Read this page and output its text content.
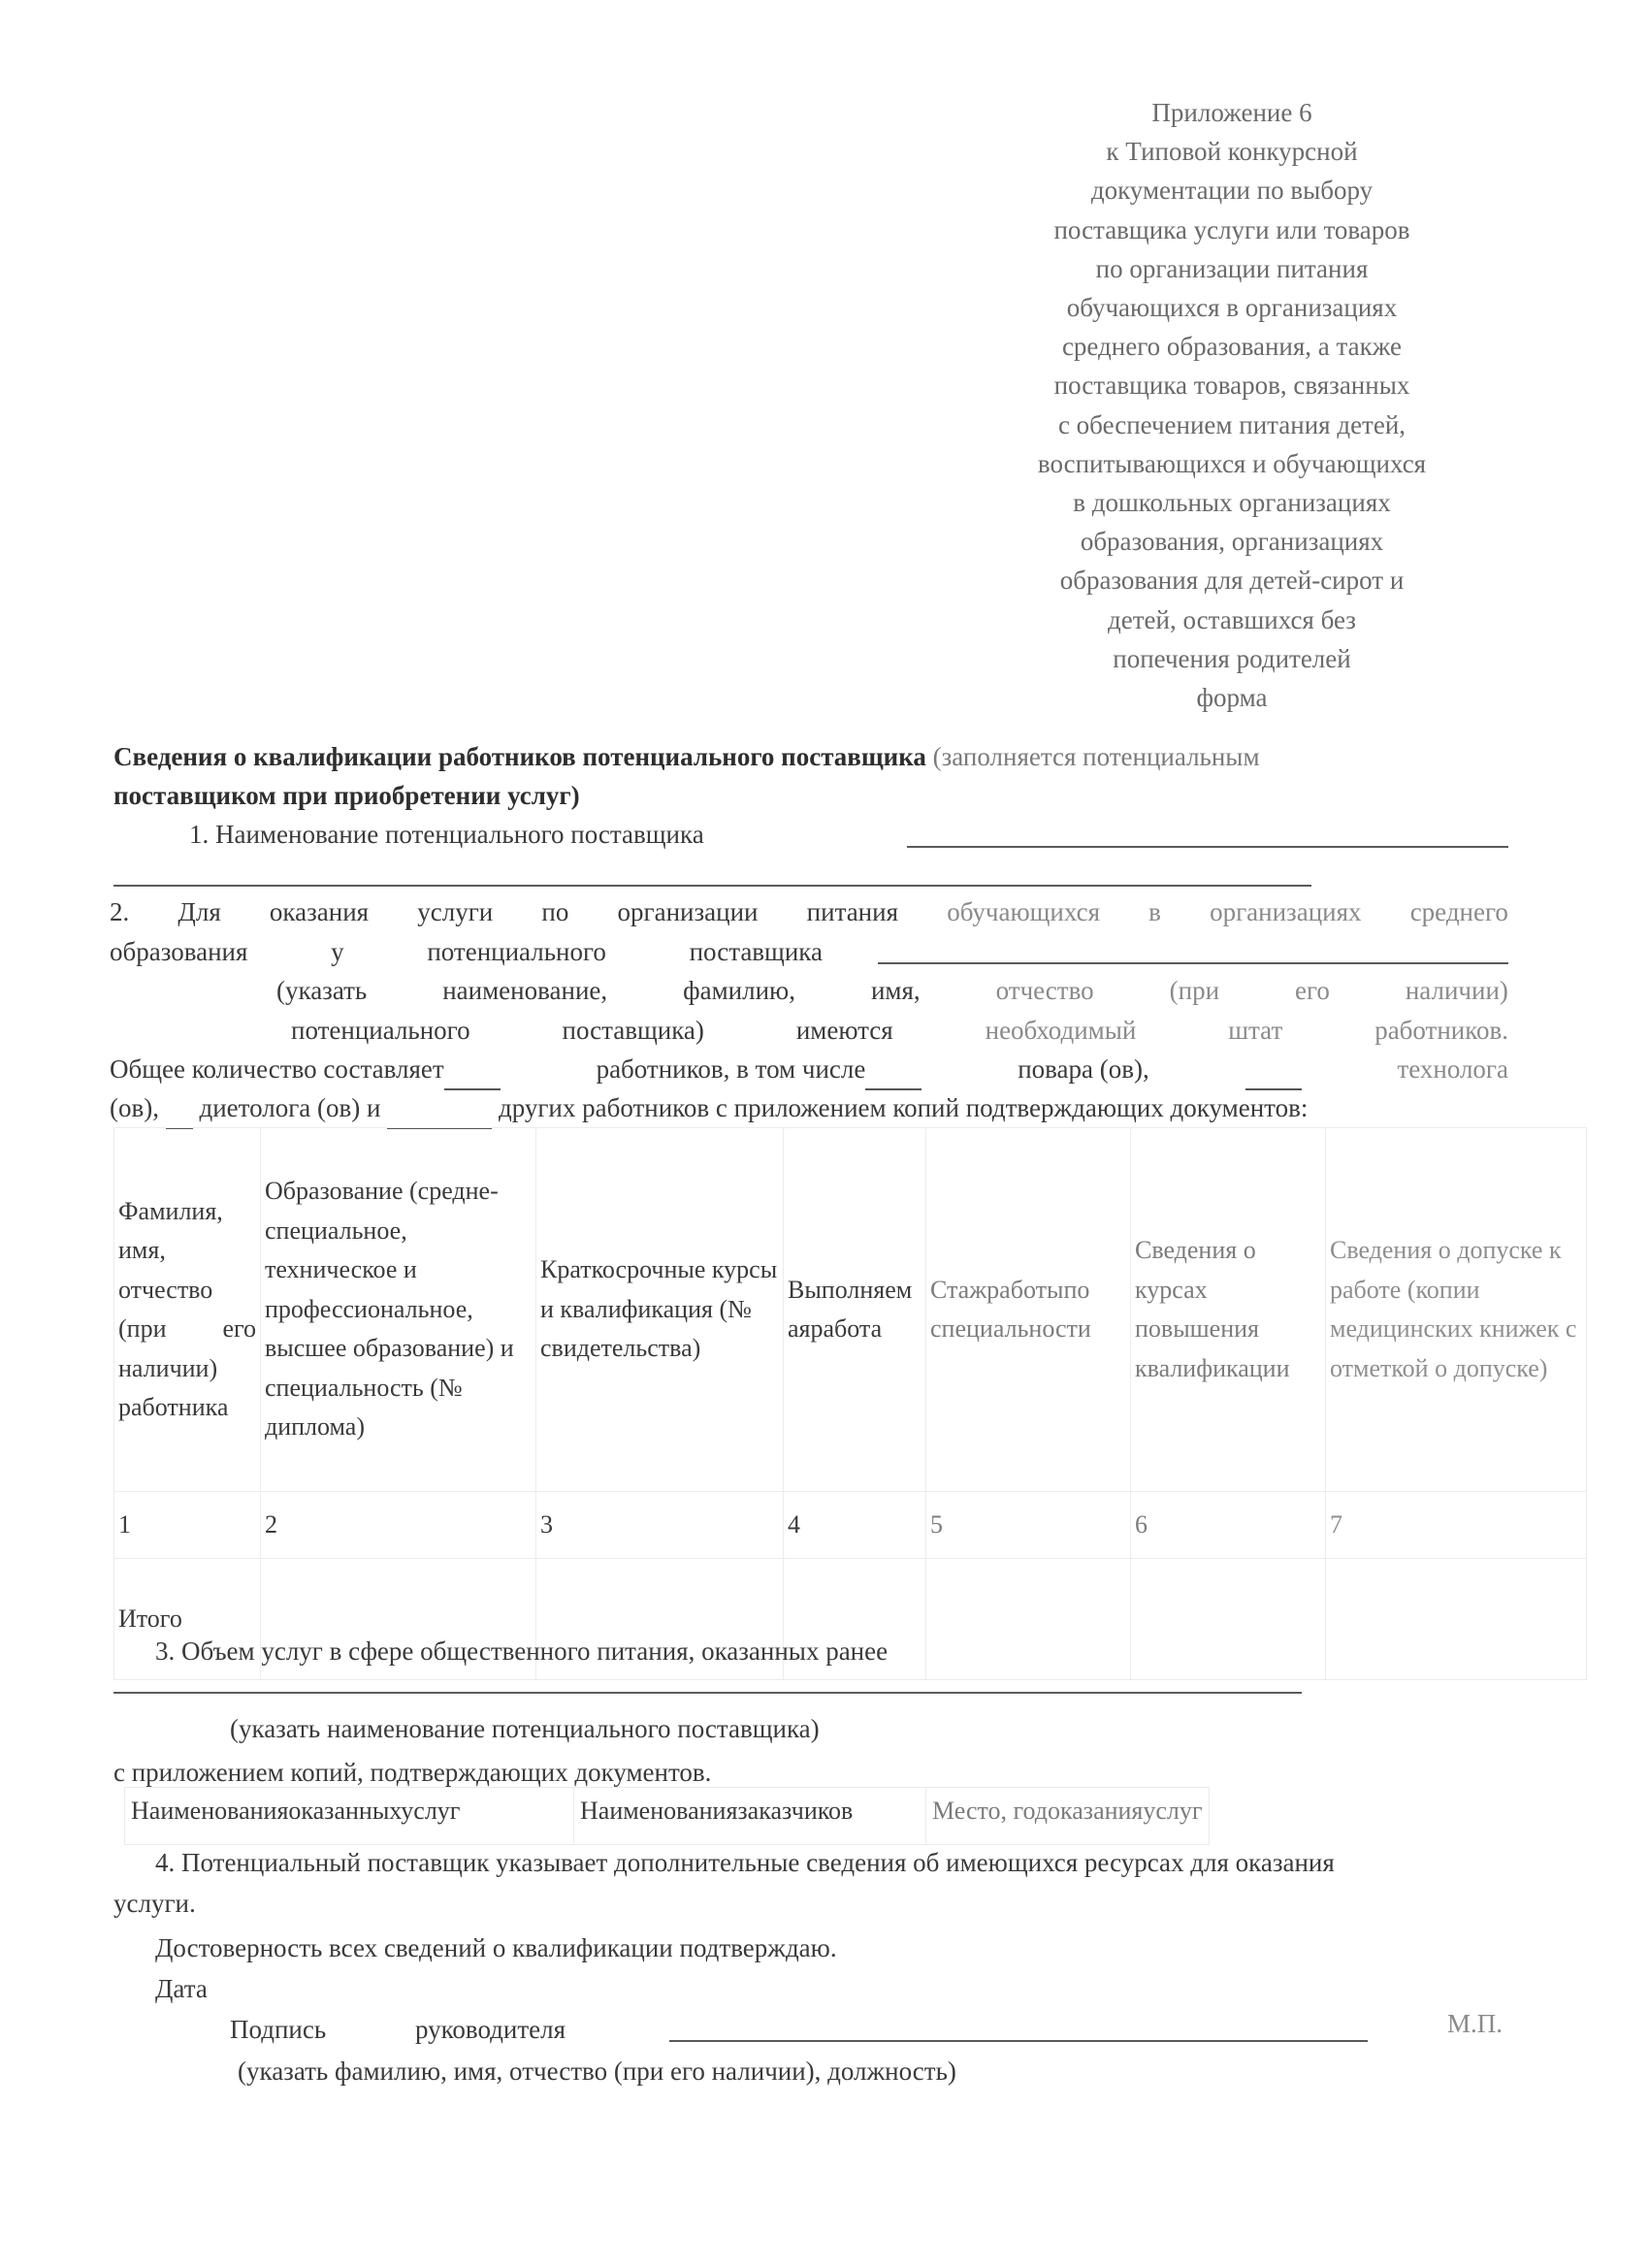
Приложение 6
к Типовой конкурсной
документации по выбору
поставщика услуги или товаров
по организации питания
обучающихся в организациях
среднего образования, а также
поставщика товаров, связанных
с обеспечением питания детей,
воспитывающихся и обучающихся
в дошкольных организациях
образования, организациях
образования для детей-сирот и
детей, оставшихся без
попечения родителей
форма
Сведения о квалификации работников потенциального поставщика (заполняется потенциальным
поставщиком при приобретении услуг)
1. Наименование потенциального поставщика
2. Для оказания услуги по организации питания обучающихся в организациях среднего
образования	у	потенциального	поставщика
(указать	наименование,	фамилию,	имя,	отчество	(при	его	наличии)
потенциального	поставщика)	имеются	необходимый	штат	работников.
Общее количество составляет	работников, в том числе	повара (ов),
	технолога
(ов), диетолога (ов) и	других работников с приложением копий подтверждающих документов:
Фамилия, имя, отчество (при его наличии) работника	Образование (средне-специальное, техническое и профессиональное, высшее образование) и специальность (№ диплома)	Краткосрочные курсы и квалификация (№ свидетельства)	Выполняемаяработа	Стажработыпо специальности	Сведения о курсах повышения квалификации	Сведения о допуске к работе (копии медицинских книжек с отметкой о допуске)
1	2	3	4	5	6	7
Итого						
3. Объем услуг в сфере общественного питания, оказанных ранее
(указать наименование потенциального поставщика)
с приложением копий, подтверждающих документов.
Наименованияоказанныхуслуг	Наименованиязаказчиков	Место, годоказанияуслуг
4. Потенциальный поставщик указывает дополнительные сведения об имеющихся ресурсах для оказания
услуги.
Достоверность всех сведений о квалификации подтверждаю.
Дата
Подпись	руководителя	М.П.
(указать фамилию, имя, отчество (при его наличии), должность)
